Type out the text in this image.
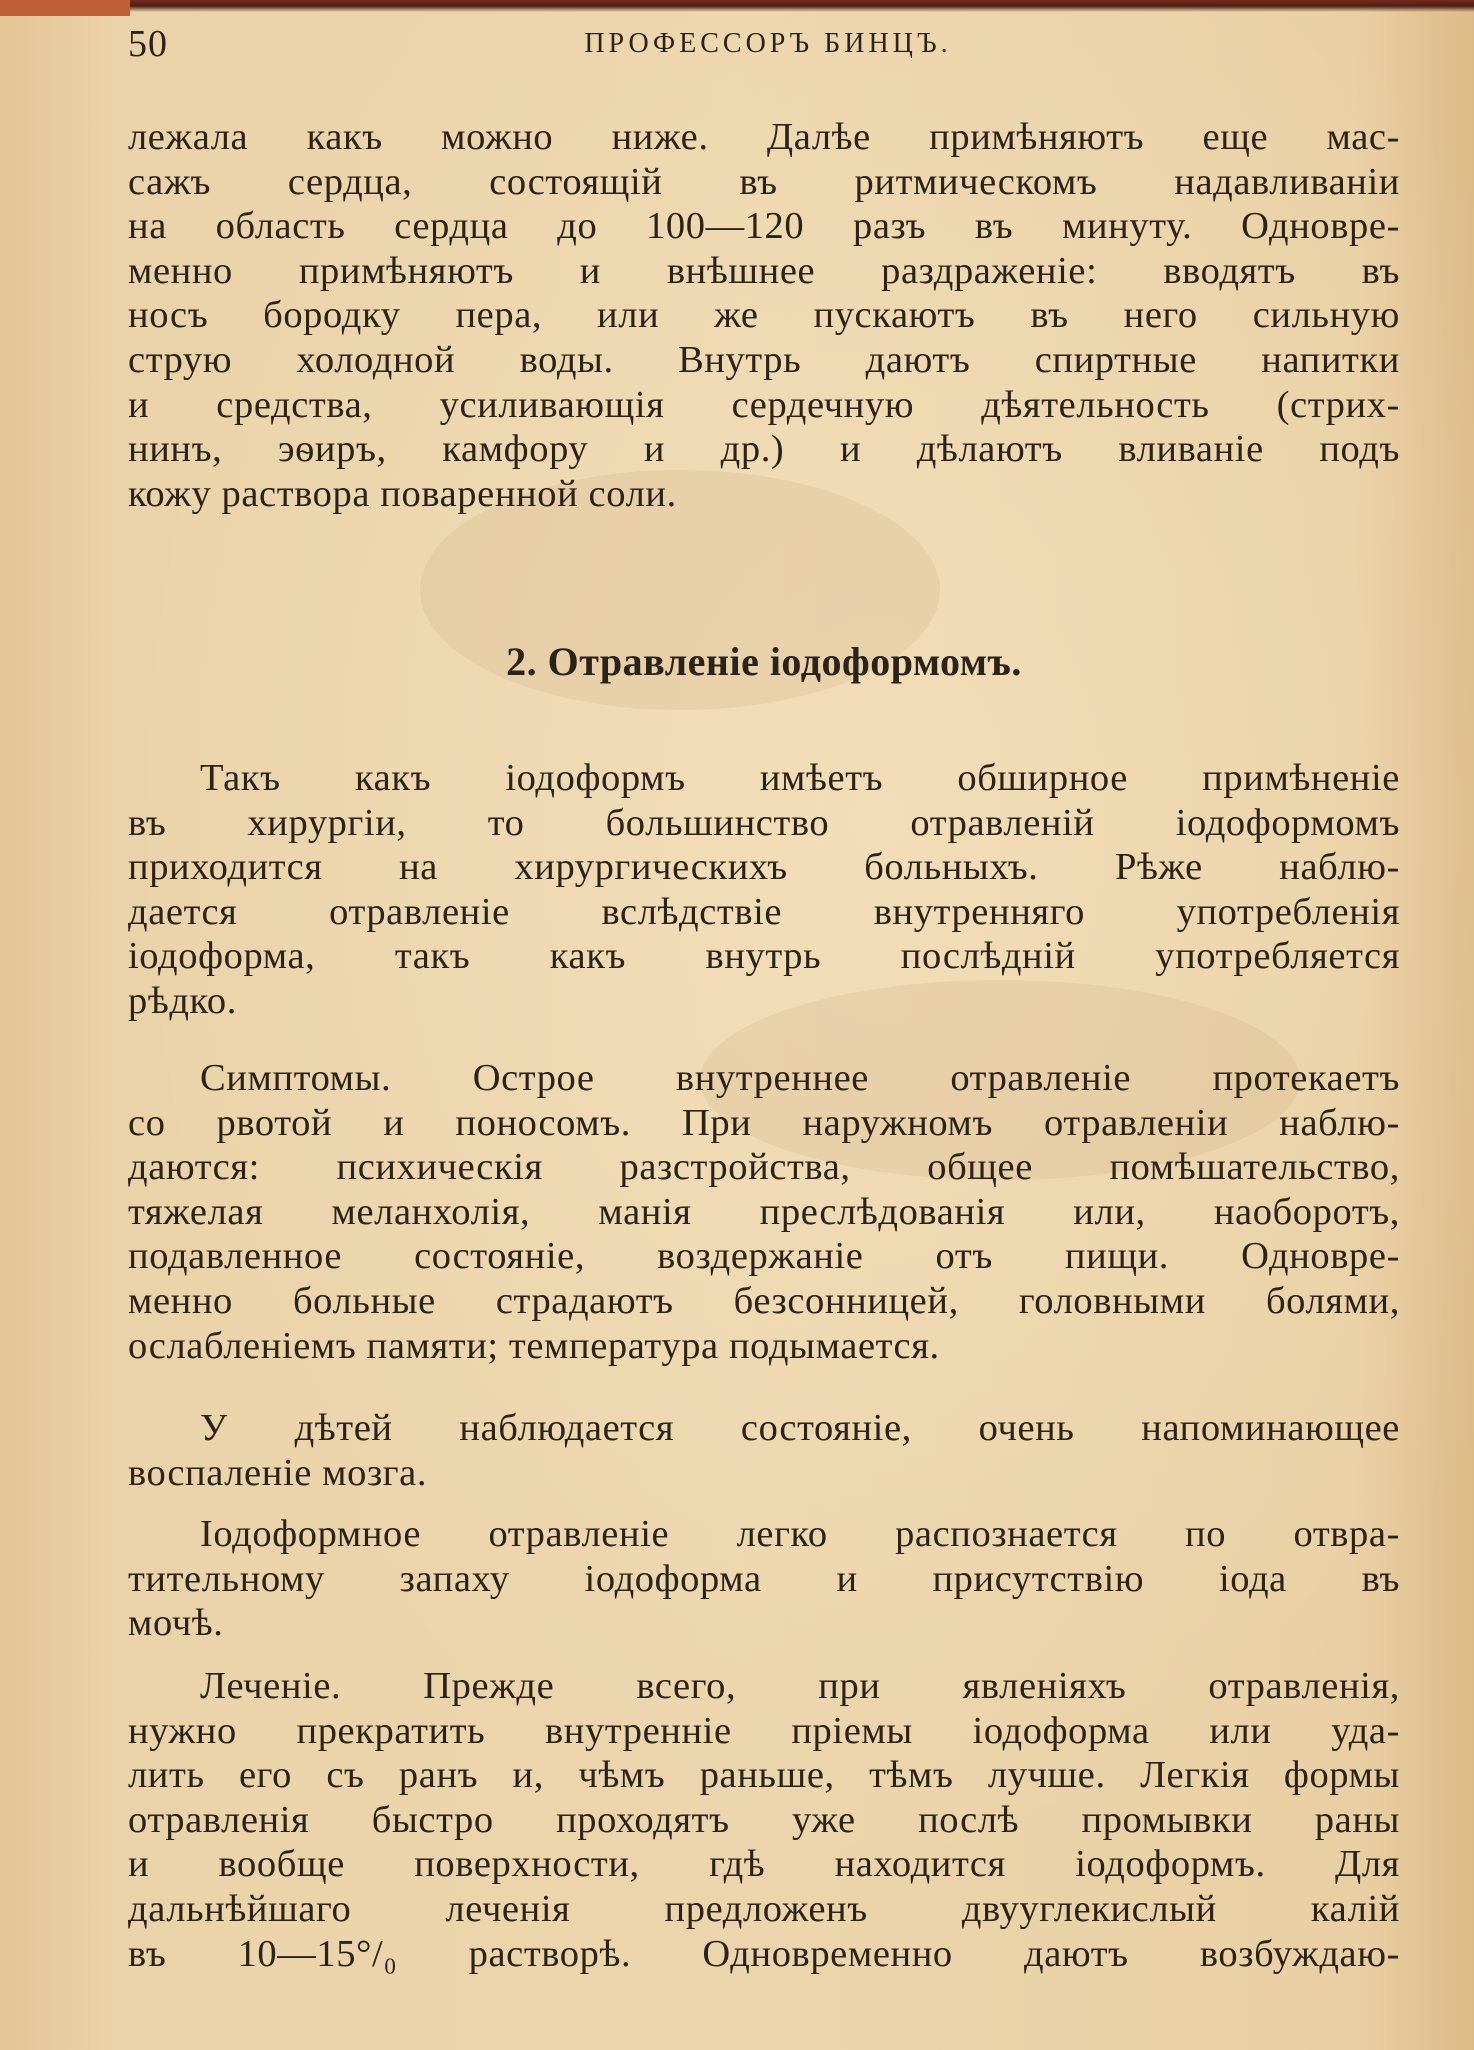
50	ПРОФЕССОРЪ БИНЦЪ.
лежала какъ можно ниже. Далѣе примѣняютъ еще мас-
сажъ сердца, состоящій въ ритмическомъ надавливаніи
на область сердца до 100—120 разъ въ минуту. Одновре-
менно примѣняютъ и внѣшнее раздраженіе: вводятъ въ
носъ бородку пера, или же пускаютъ въ него сильную
струю холодной воды. Внутрь даютъ спиртные напитки
и средства, усиливающія сердечную дѣятельность (стрих-
нинъ, эѳиръ, камфору и др.) и дѣлаютъ вливаніе подъ
кожу раствора поваренной соли.
2. Отравленіе іодоформомъ.
Такъ какъ іодоформъ имѣетъ обширное примѣненіе
въ хирургіи, то большинство отравленій іодоформомъ
приходится на хирургическихъ больныхъ. Рѣже наблю-
дается отравленіе вслѣдствіе внутренняго употребленія
іодоформа, такъ какъ внутрь послѣдній употребляется
рѣдко.
Симптомы. Острое внутреннее отравленіе протекаетъ
со рвотой и поносомъ. При наружномъ отравленіи наблю-
даются: психическія разстройства, общее помѣшательство,
тяжелая меланхолія, манія преслѣдованія или, наоборотъ,
подавленное состояніе, воздержаніе отъ пищи. Одновре-
менно больные страдаютъ безсонницей, головными болями,
ослабленіемъ памяти; температура подымается.
У дѣтей наблюдается состояніе, очень напоминающее
воспаленіе мозга.
Іодоформное отравленіе легко распознается по отвра-
тительному запаху іодоформа и присутствію іода въ
мочѣ.
Леченіе. Прежде всего, при явленіяхъ отравленія,
нужно прекратить внутренніе пріемы іодоформа или уда-
лить его съ ранъ и, чѣмъ раньше, тѣмъ лучше. Легкія формы
отравленія быстро проходятъ уже послѣ промывки раны
и вообще поверхности, гдѣ находится іодоформъ. Для
дальнѣйшаго леченія предложенъ двууглекислый калій
въ 10—15°/₀ растворѣ. Одновременно даютъ возбуждаю-
